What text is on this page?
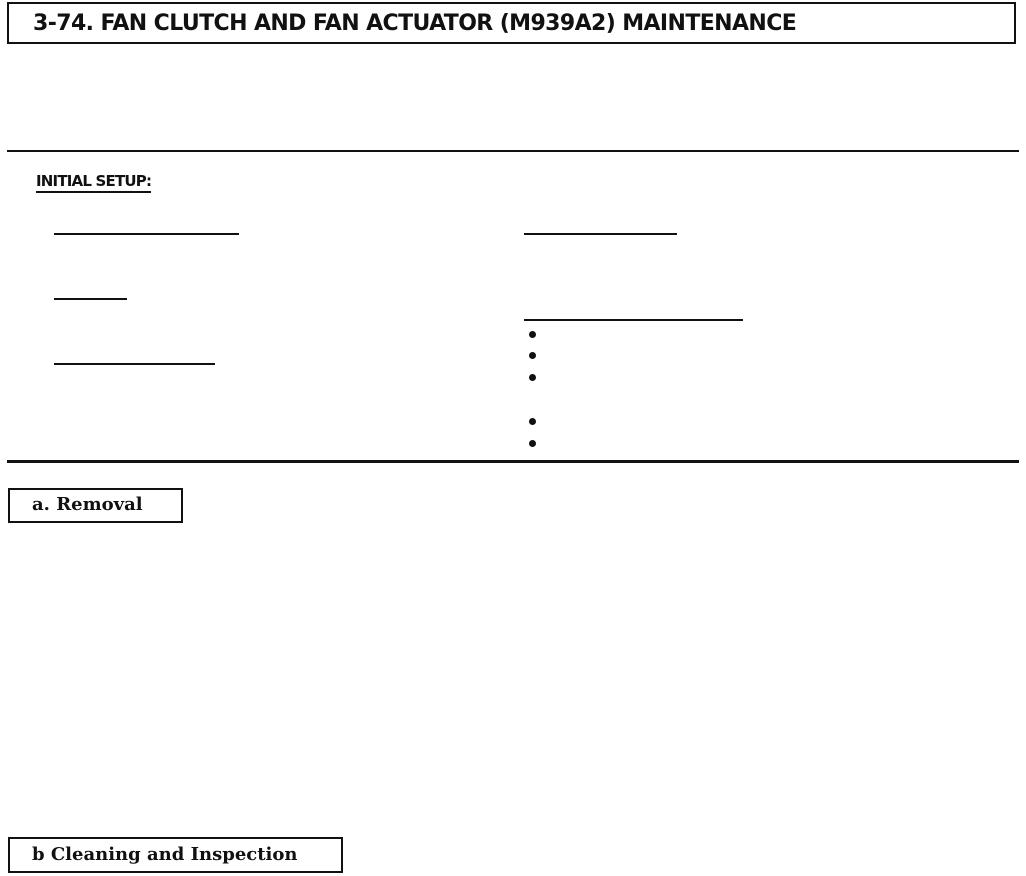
3-74. FAN CLUTCH AND FAN ACTUATOR (M939A2) MAINTENANCE
INITIAL SETUP:
a. Removal
b Cleaning and Inspection
